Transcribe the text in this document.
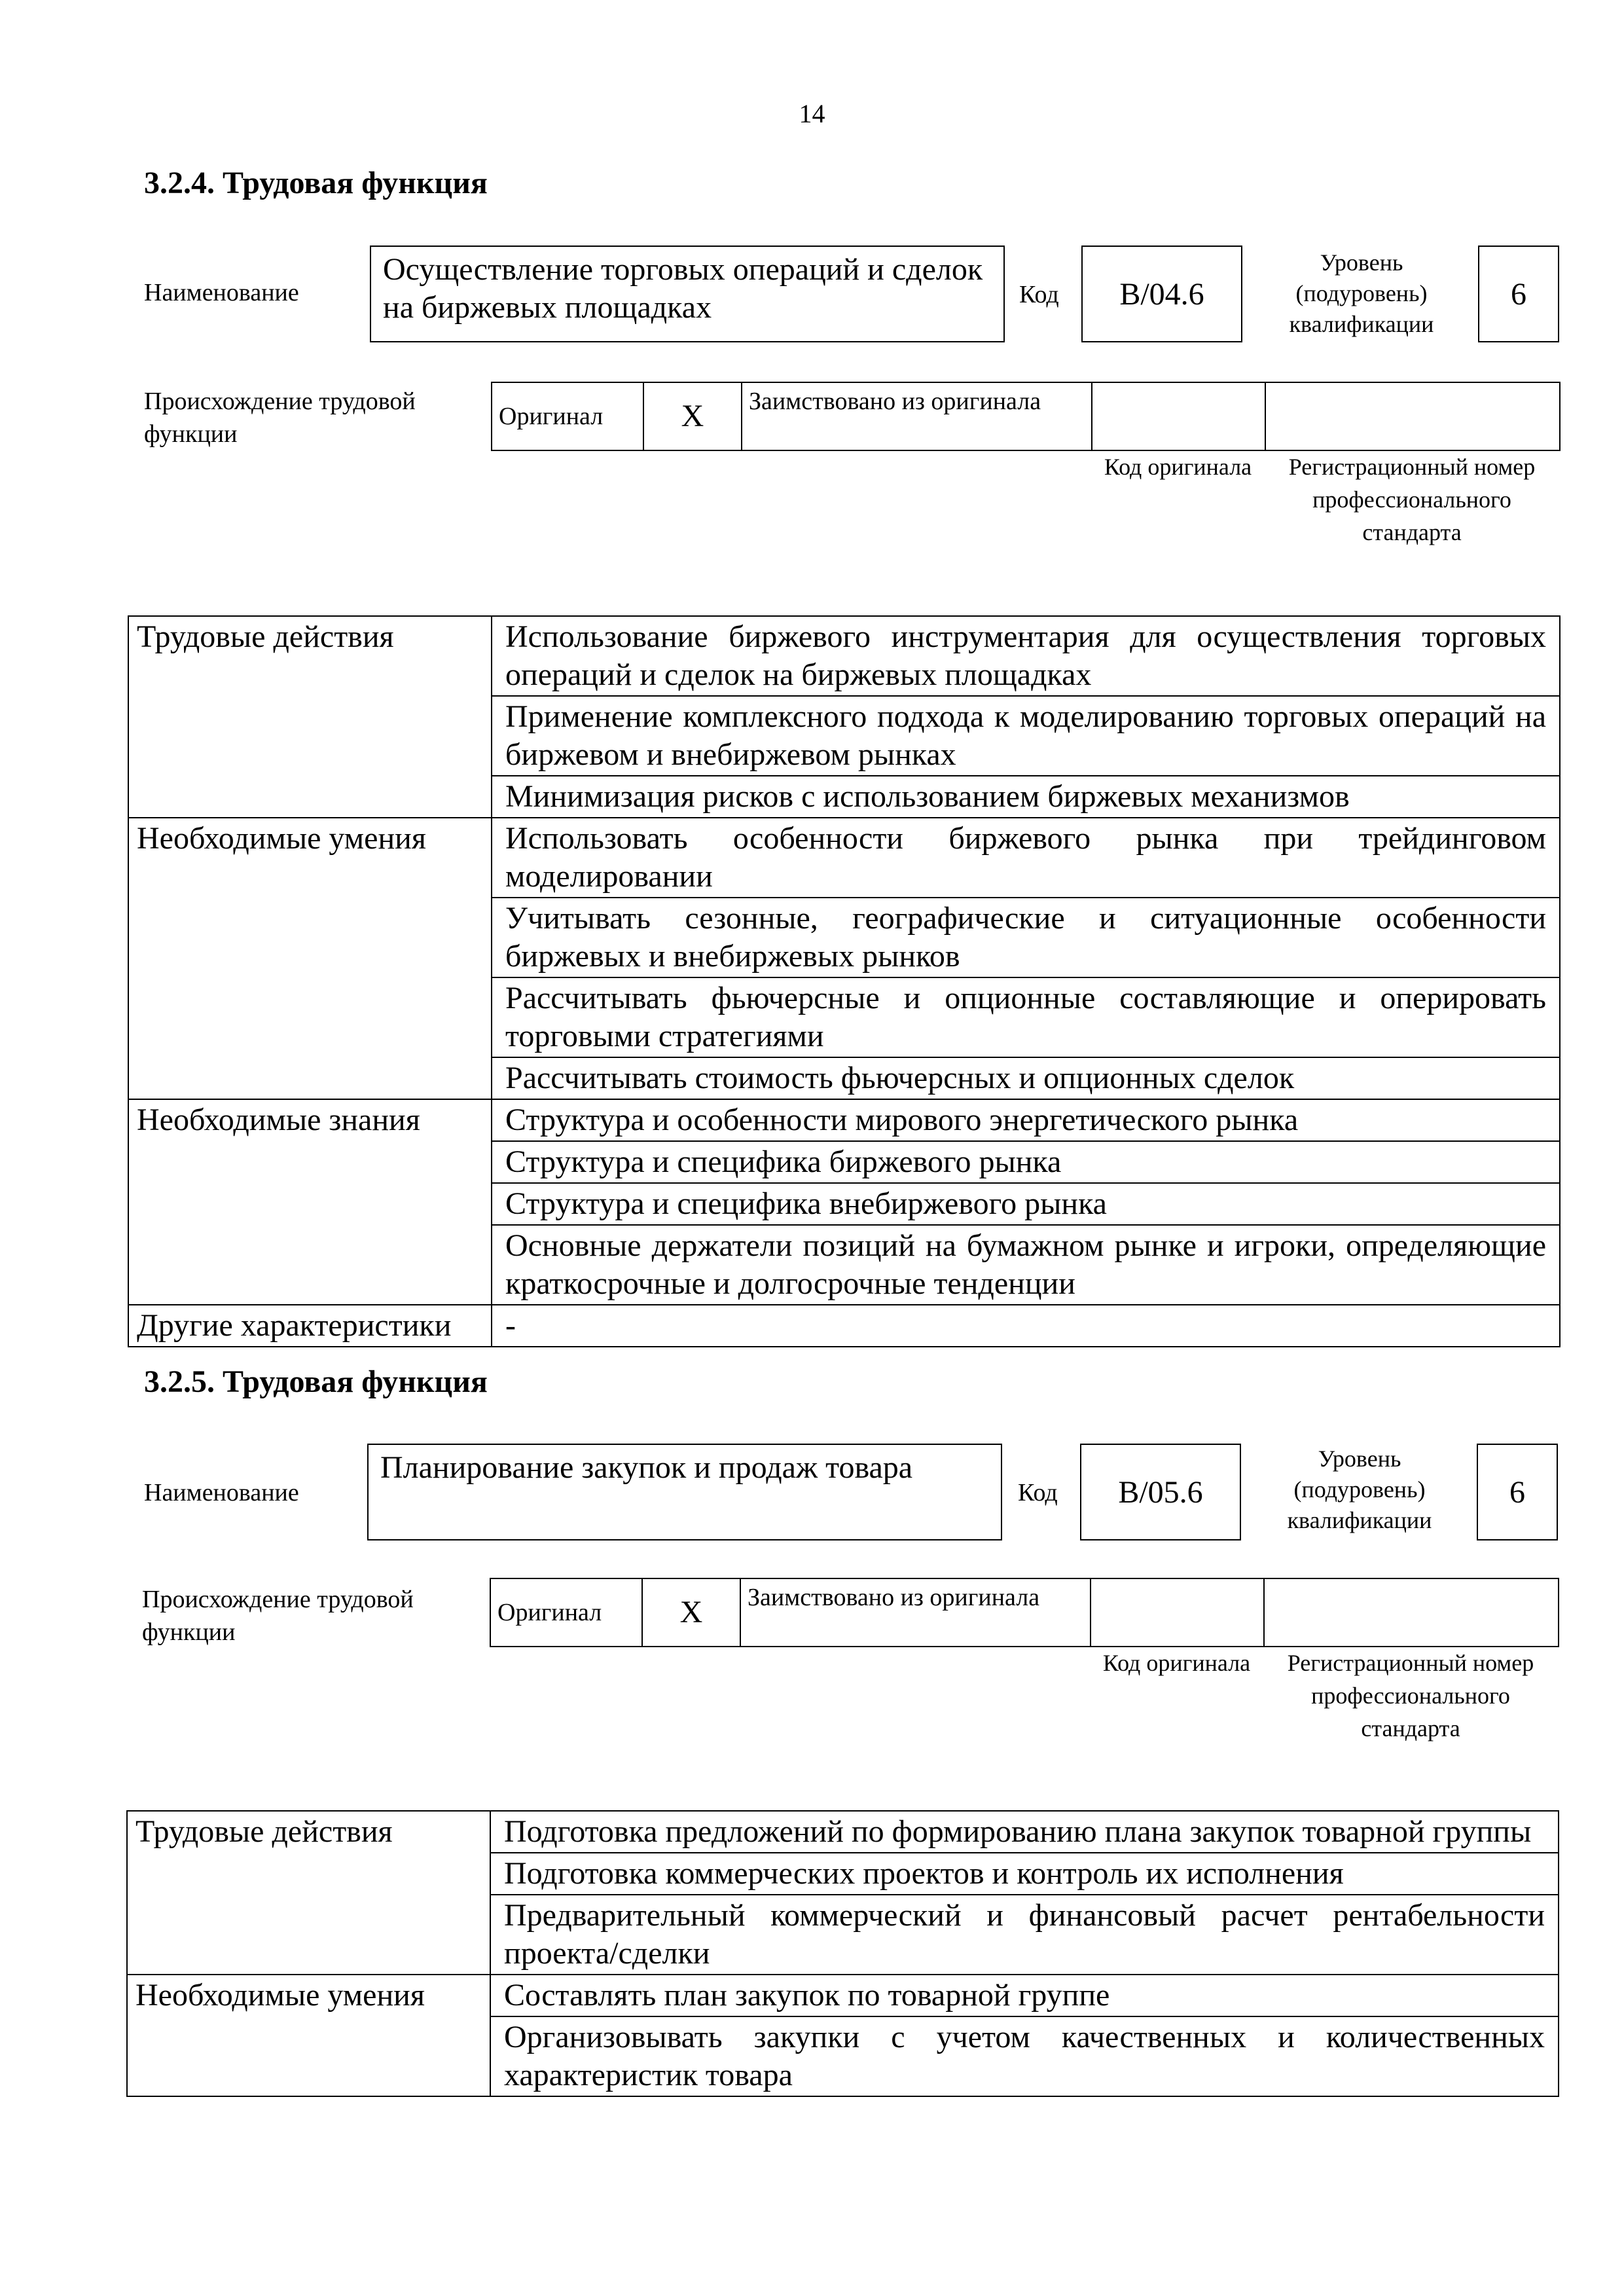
14
3.2.4. Трудовая функция
Наименование
Осуществление торговых операций и сделок на биржевых площадках	Код B/04.6
Уровень (подуровень) квалификации
6
Происхождение трудовой функции
Оригинал	X	Заимствовано из оригинала		
Код оригинала	Регистрационный номер профессионального стандарта
Трудовые действия	Использование биржевого инструментария для осуществления торговых операций и сделок на биржевых площадках
	Применение комплексного подхода к моделированию торговых операций на биржевом и внебиржевом рынках
	Минимизация рисков с использованием биржевых механизмов
Необходимые умения	Использовать особенности биржевого рынка при трейдинговом моделировании
	Учитывать сезонные, географические и ситуационные особенности биржевых и внебиржевых рынков
	Рассчитывать фьючерсные и опционные составляющие и оперировать торговыми стратегиями
	Рассчитывать стоимость фьючерсных и опционных сделок
Необходимые знания	Структура и особенности мирового энергетического рынка
	Структура и специфика биржевого рынка
	Структура и специфика внебиржевого рынка
	Основные держатели позиций на бумажном рынке и игроки, определяющие краткосрочные и долгосрочные тенденции
Другие характеристики	-
3.2.5. Трудовая функция
Наименование
Планирование закупок и продаж товара
Код B/05.6
Уровень (подуровень) квалификации
6
Происхождение трудовой функции
Оригинал	X	Заимствовано из оригинала		
Код оригинала	Регистрационный номер профессионального стандарта
Трудовые действия	Подготовка предложений по формированию плана закупок товарной группы
	Подготовка коммерческих проектов и контроль их исполнения
	Предварительный коммерческий и финансовый расчет рентабельности проекта/сделки
Необходимые умения	Составлять план закупок по товарной группе
	Организовывать закупки с учетом качественных и количественных характеристик товара
